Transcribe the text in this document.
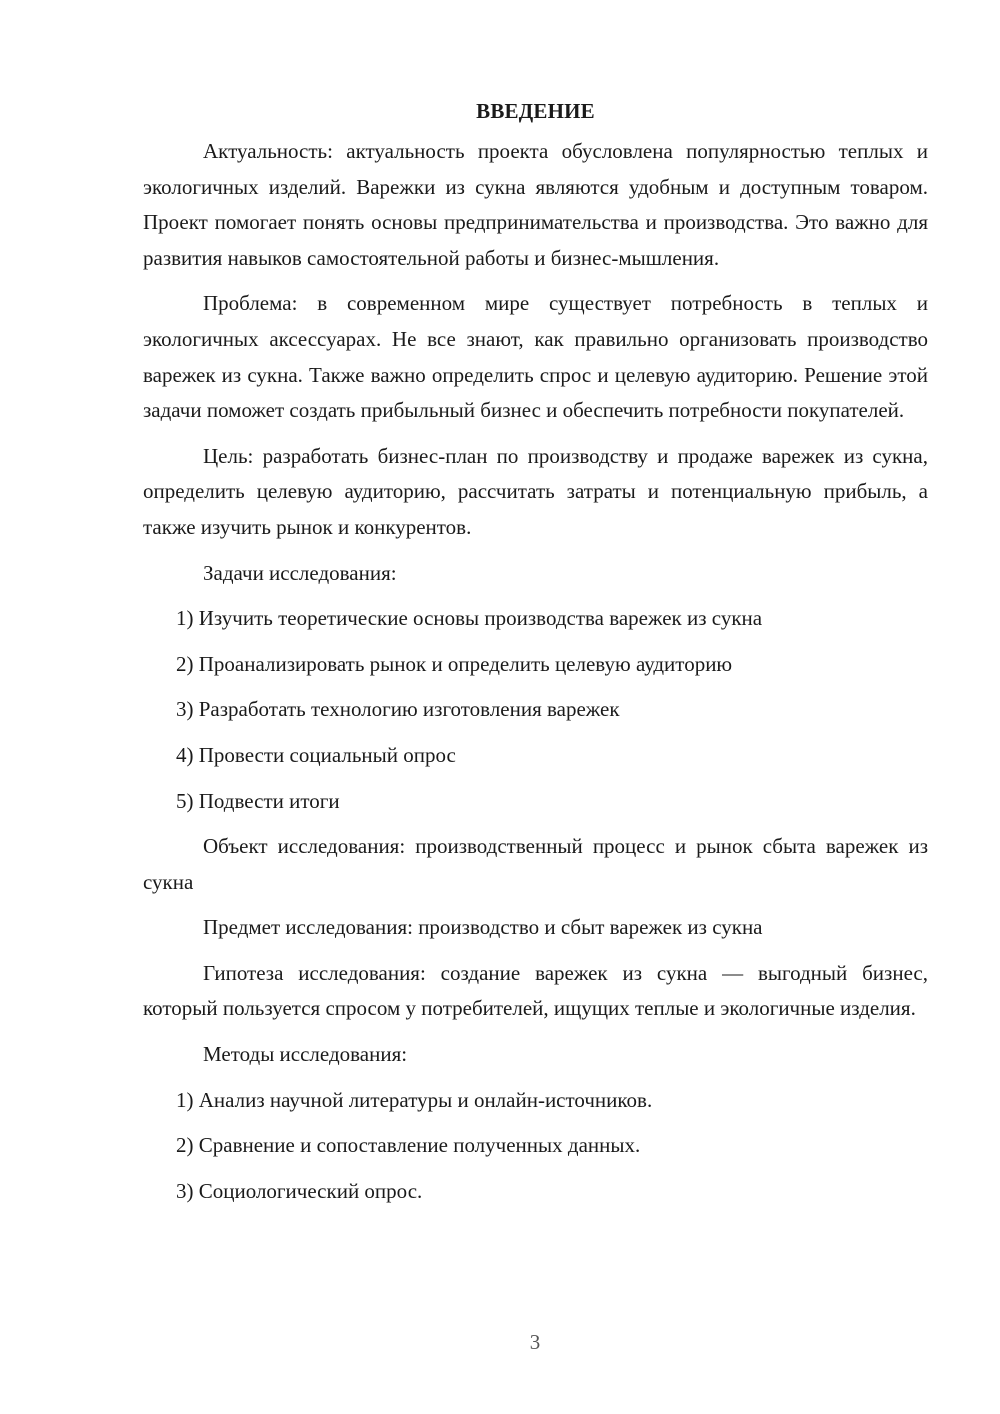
ВВЕДЕНИЕ

Актуальность: актуальность проекта обусловлена популярностью теплых и экологичных изделий. Варежки из сукна являются удобным и доступным товаром. Проект помогает понять основы предпринимательства и производства. Это важно для развития навыков самостоятельной работы и бизнес-мышления.

Проблема: в современном мире существует потребность в теплых и экологичных аксессуарах. Не все знают, как правильно организовать производство варежек из сукна. Также важно определить спрос и целевую аудиторию. Решение этой задачи поможет создать прибыльный бизнес и обеспечить потребности покупателей.

Цель: разработать бизнес-план по производству и продаже варежек из сукна, определить целевую аудиторию, рассчитать затраты и потенциальную прибыль, а также изучить рынок и конкурентов.

Задачи исследования:

1) Изучить теоретические основы производства варежек из сукна

2) Проанализировать рынок и определить целевую аудиторию

3) Разработать технологию изготовления варежек

4) Провести социальный опрос

5) Подвести итоги

Объект исследования: производственный процесс и рынок сбыта варежек из сукна

Предмет исследования: производство и сбыт варежек из сукна

Гипотеза исследования: создание варежек из сукна — выгодный бизнес, который пользуется спросом у потребителей, ищущих теплые и экологичные изделия.

Методы исследования:

1) Анализ научной литературы и онлайн-источников.

2) Сравнение и сопоставление полученных данных.

3) Социологический опрос.

3
